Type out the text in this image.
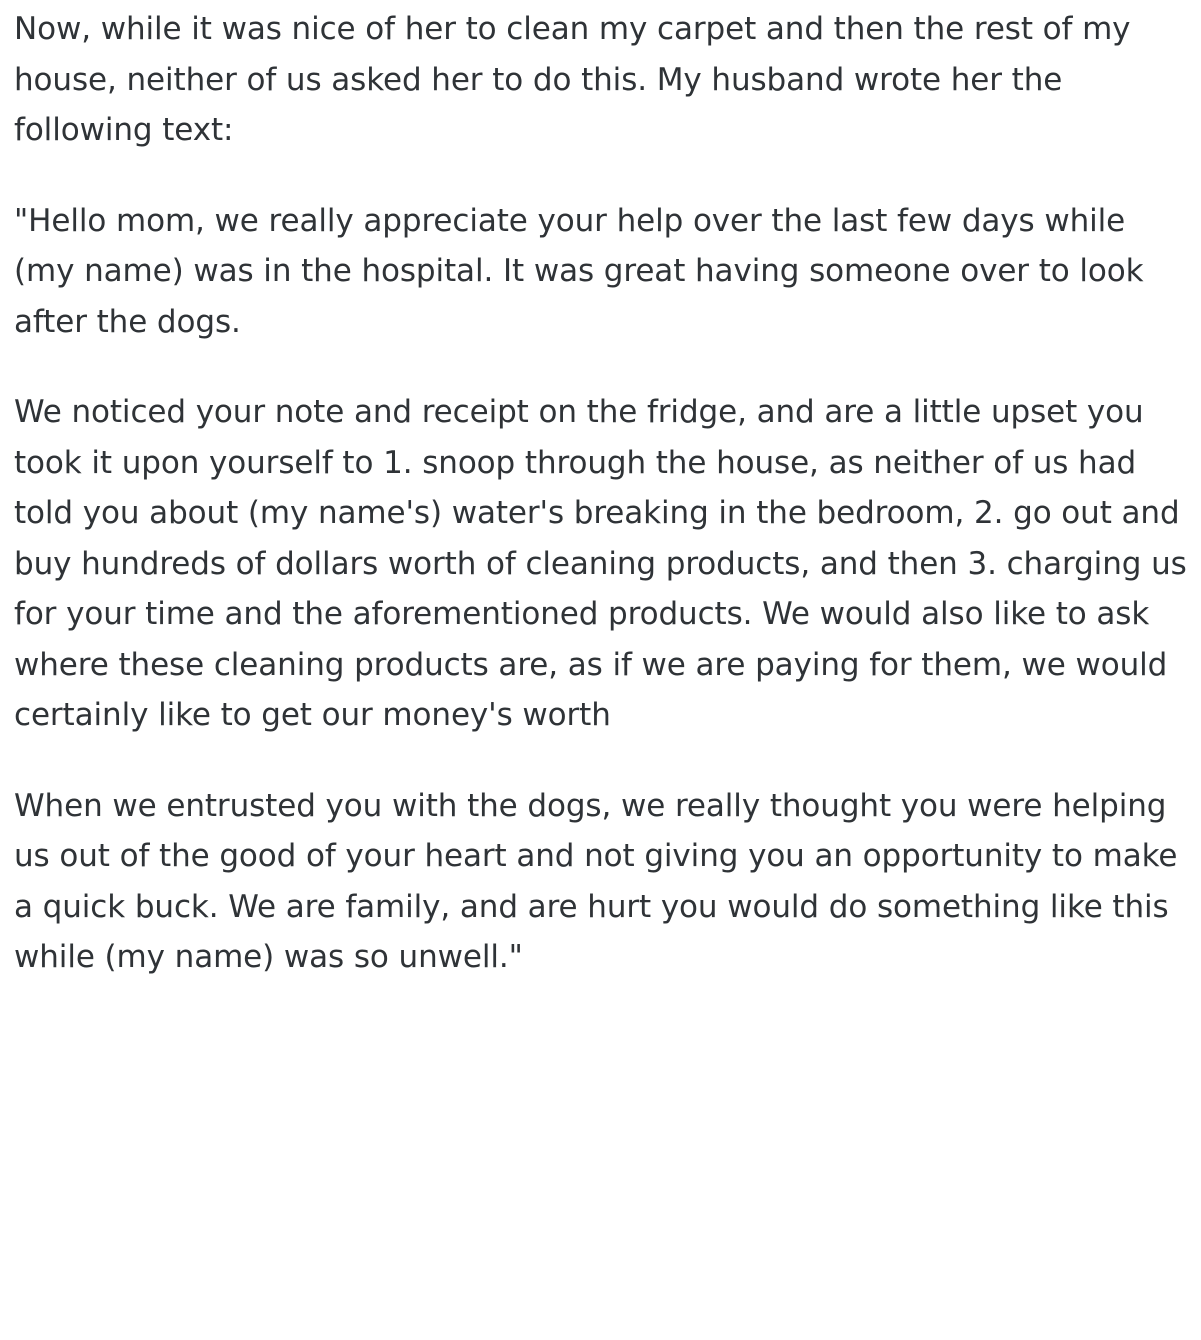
Now, while it was nice of her to clean my carpet and then the rest of my house, neither of us asked her to do this. My husband wrote her the following text:

"Hello mom, we really appreciate your help over the last few days while (my name) was in the hospital. It was great having someone over to look after the dogs.

We noticed your note and receipt on the fridge, and are a little upset you took it upon yourself to 1. snoop through the house, as neither of us had told you about (my name's) water's breaking in the bedroom, 2. go out and buy hundreds of dollars worth of cleaning products, and then 3. charging us for your time and the aforementioned products. We would also like to ask where these cleaning products are, as if we are paying for them, we would certainly like to get our money's worth

When we entrusted you with the dogs, we really thought you were helping us out of the good of your heart and not giving you an opportunity to make a quick buck. We are family, and are hurt you would do something like this while (my name) was so unwell."
